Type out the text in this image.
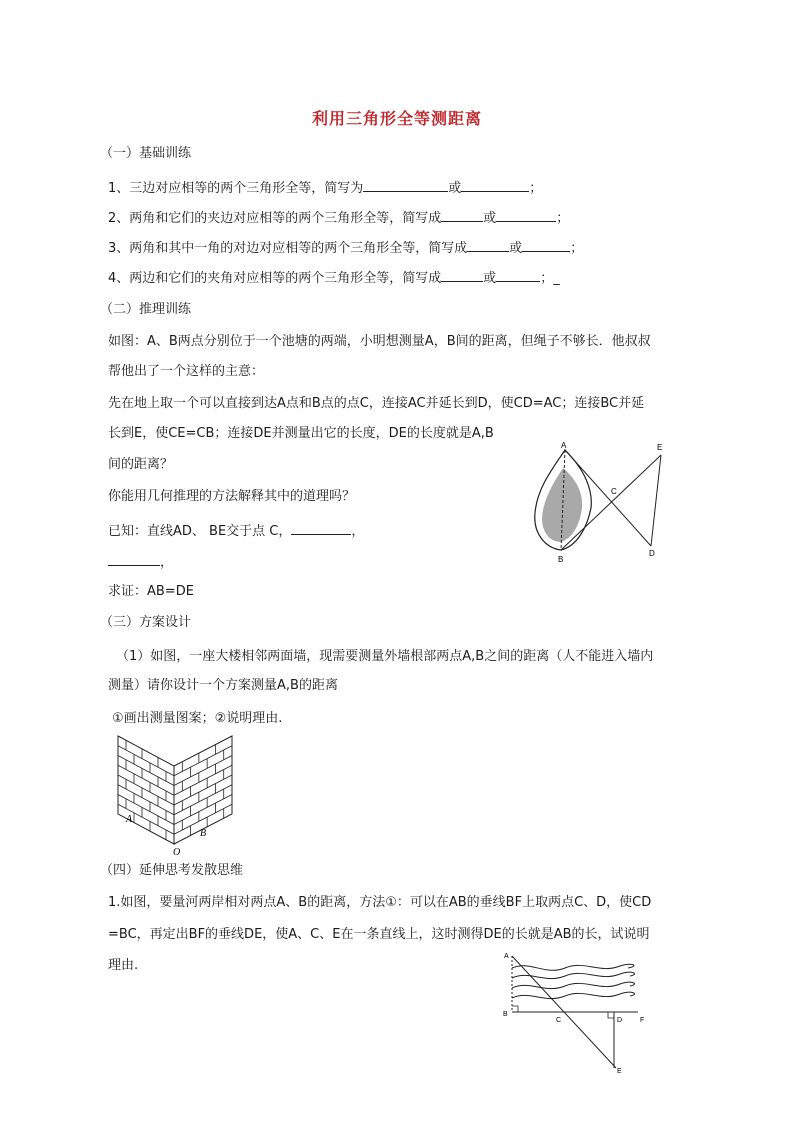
利用三角形全等测距离
（一）基础训练
1、三边对应相等的两个三角形全等，简写为	或	；
2、两角和它们的夹边对应相等的两个三角形全等，简写成	或	；
3、两角和其中一角的对边对应相等的两个三角形全等，简写成	或	；
4、两边和它们的夹角对应相等的两个三角形全等，简写成	或	；_
（二）推理训练
如图：A、B两点分别位于一个池塘的两端，小明想测量A，B间的距离，但绳子不够长．他叔叔
帮他出了一个这样的主意：
先在地上取一个可以直接到达A点和B点的点C，连接AC并延长到D，使CD=AC；连接BC并延
长到E，使CE=CB；连接DE并测量出它的长度，DE的长度就是A,B
间的距离？
你能用几何推理的方法解释其中的道理吗？
已知：直线AD、 BE交于点 C，	，
，
求证：AB=DE
A
B
C
D
E
（三）方案设计
（1）如图，一座大楼相邻两面墙，现需要测量外墙根部两点A,B之间的距离（人不能进入墙内
测量）请你设计一个方案测量A,B的距离
①画出测量图案；②说明理由.
A
B
O
（四）延伸思考发散思维
1.如图，要量河两岸相对两点A、B的距离，方法①：可以在AB的垂线BF上取两点C、D，使CD
=BC，再定出BF的垂线DE，使A、C、E在一条直线上，这时测得DE的长就是AB的长，试说明
理由.
A
B
C	D	F
E
